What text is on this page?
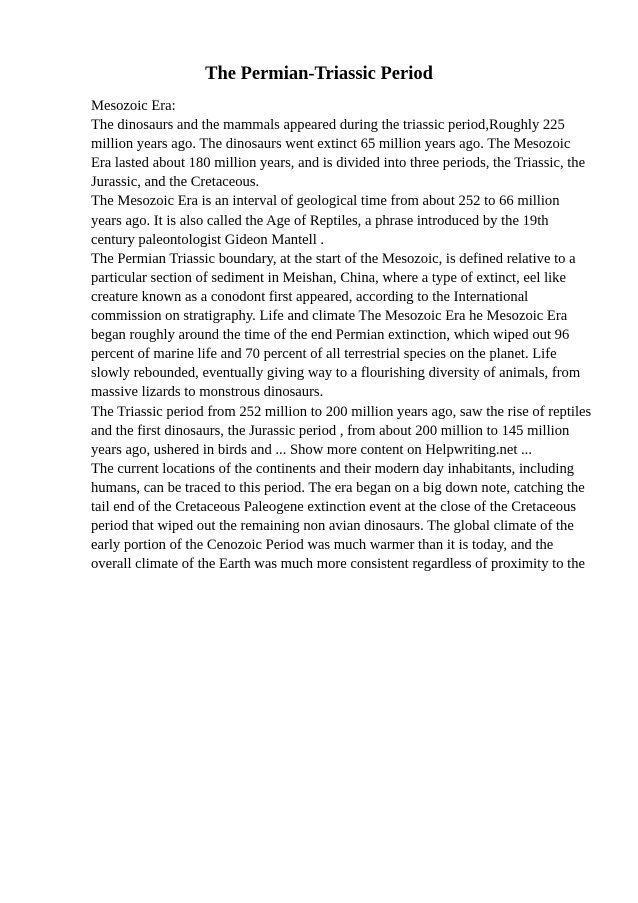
The Permian-Triassic Period
Mesozoic Era:
The dinosaurs and the mammals appeared during the triassic period,Roughly 225
million years ago. The dinosaurs went extinct 65 million years ago. The Mesozoic
Era lasted about 180 million years, and is divided into three periods, the Triassic, the
Jurassic, and the Cretaceous.
The Mesozoic Era is an interval of geological time from about 252 to 66 million
years ago. It is also called the Age of Reptiles, a phrase introduced by the 19th
century paleontologist Gideon Mantell .
The Permian Triassic boundary, at the start of the Mesozoic, is defined relative to a
particular section of sediment in Meishan, China, where a type of extinct, eel like
creature known as a conodont first appeared, according to the International
commission on stratigraphy. Life and climate The Mesozoic Era he Mesozoic Era
began roughly around the time of the end Permian extinction, which wiped out 96
percent of marine life and 70 percent of all terrestrial species on the planet. Life
slowly rebounded, eventually giving way to a flourishing diversity of animals, from
massive lizards to monstrous dinosaurs.
The Triassic period from 252 million to 200 million years ago, saw the rise of reptiles
and the first dinosaurs, the Jurassic period , from about 200 million to 145 million
years ago, ushered in birds and ... Show more content on Helpwriting.net ...
The current locations of the continents and their modern day inhabitants, including
humans, can be traced to this period. The era began on a big down note, catching the
tail end of the Cretaceous Paleogene extinction event at the close of the Cretaceous
period that wiped out the remaining non avian dinosaurs. The global climate of the
early portion of the Cenozoic Period was much warmer than it is today, and the
overall climate of the Earth was much more consistent regardless of proximity to the
